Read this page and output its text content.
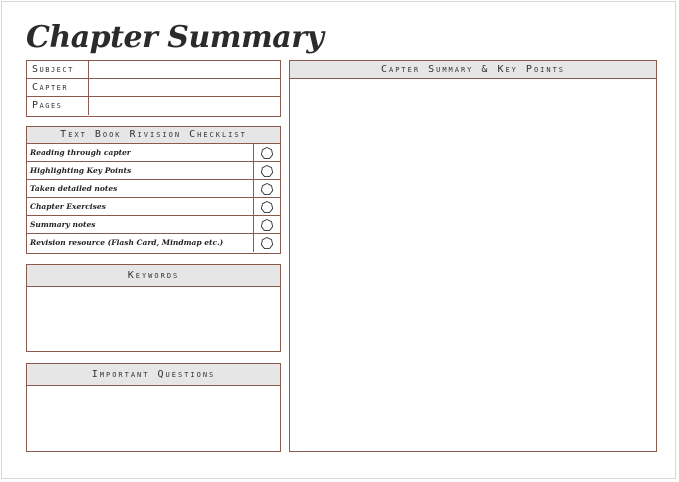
Chapter Summary
Subject
Capter
Pages
Text Book Rivision Checklist
Reading through capter
Highlighting Key Points
Taken detailed notes
Chapter Exercises
Summary notes
Revision resource (Flash Card, Mindmap etc.)
Keywords
Important Questions
Capter Summary & Key Points
